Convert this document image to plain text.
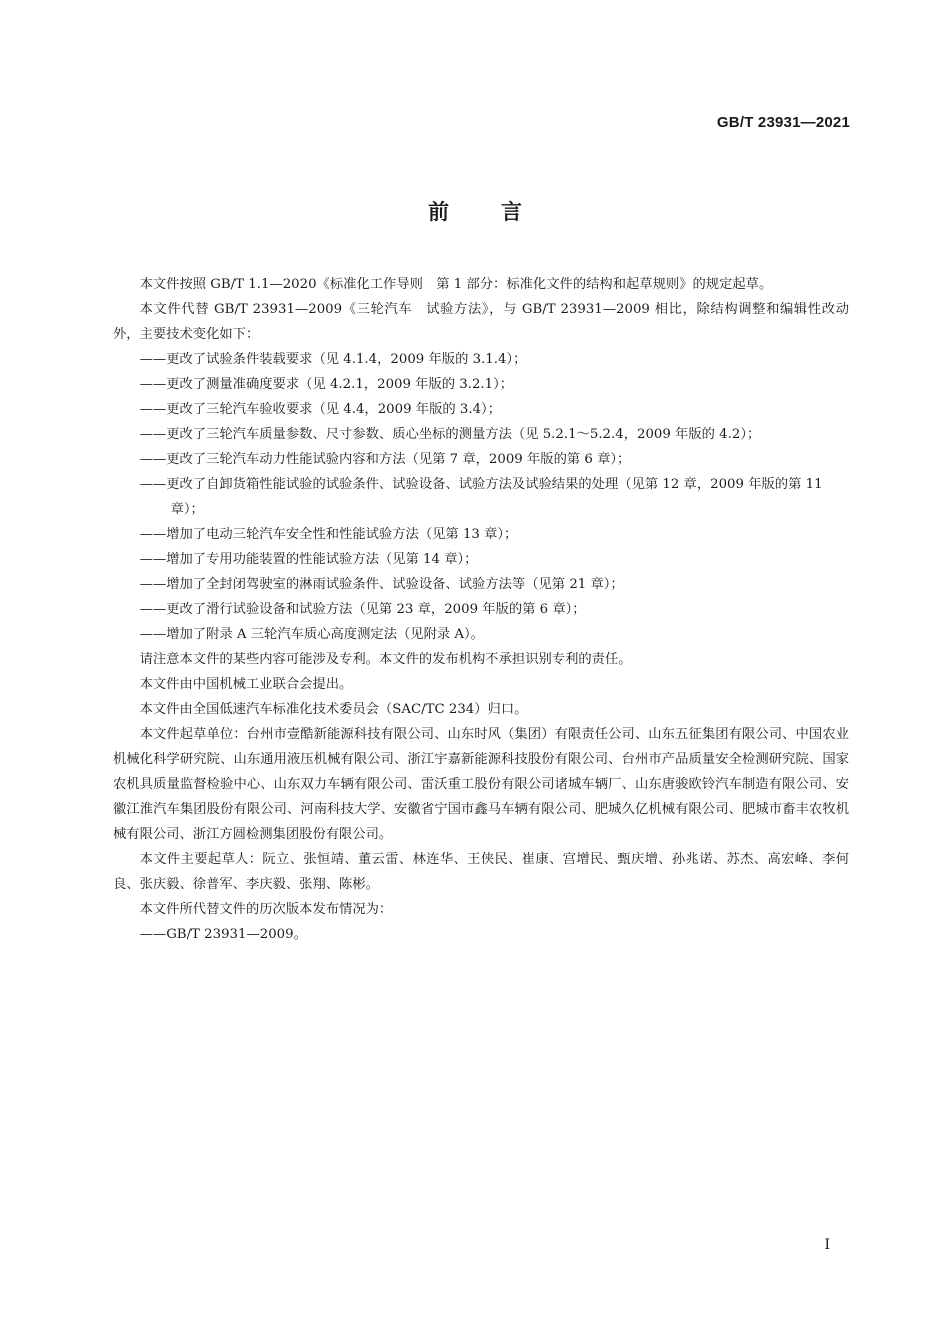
GB/T 23931—2021
前言

本文件按照 GB/T 1.1—2020《标准化工作导则　第 1 部分：标准化文件的结构和起草规则》的规定起草。

本文件代替 GB/T 23931—2009《三轮汽车　试验方法》，与 GB/T 23931—2009 相比，除结构调整和编辑性改动外，主要技术变化如下：

——更改了试验条件装载要求（见 4.1.4，2009 年版的 3.1.4）；

——更改了测量准确度要求（见 4.2.1，2009 年版的 3.2.1）；

——更改了三轮汽车验收要求（见 4.4，2009 年版的 3.4）；

——更改了三轮汽车质量参数、尺寸参数、质心坐标的测量方法（见 5.2.1～5.2.4，2009 年版的 4.2）；

——更改了三轮汽车动力性能试验内容和方法（见第 7 章，2009 年版的第 6 章）；

——更改了自卸货箱性能试验的试验条件、试验设备、试验方法及试验结果的处理（见第 12 章，2009 年版的第 11 章）；

——增加了电动三轮汽车安全性和性能试验方法（见第 13 章）；

——增加了专用功能装置的性能试验方法（见第 14 章）；

——增加了全封闭驾驶室的淋雨试验条件、试验设备、试验方法等（见第 21 章）；

——更改了滑行试验设备和试验方法（见第 23 章，2009 年版的第 6 章）；

——增加了附录 A 三轮汽车质心高度测定法（见附录 A）。

请注意本文件的某些内容可能涉及专利。本文件的发布机构不承担识别专利的责任。

本文件由中国机械工业联合会提出。

本文件由全国低速汽车标准化技术委员会（SAC/TC 234）归口。

本文件起草单位：台州市壹酷新能源科技有限公司、山东时风（集团）有限责任公司、山东五征集团有限公司、中国农业机械化科学研究院、山东通用液压机械有限公司、浙江宇嘉新能源科技股份有限公司、台州市产品质量安全检测研究院、国家农机具质量监督检验中心、山东双力车辆有限公司、雷沃重工股份有限公司诸城车辆厂、山东唐骏欧铃汽车制造有限公司、安徽江淮汽车集团股份有限公司、河南科技大学、安徽省宁国市鑫马车辆有限公司、肥城久亿机械有限公司、肥城市畜丰农牧机械有限公司、浙江方圆检测集团股份有限公司。

本文件主要起草人：阮立、张恒靖、董云雷、林连华、王侠民、崔康、宫增民、甄庆增、孙兆诺、苏杰、高宏峰、李何良、张庆毅、徐普军、李庆毅、张翔、陈彬。

本文件所代替文件的历次版本发布情况为：

——GB/T 23931—2009。

I
